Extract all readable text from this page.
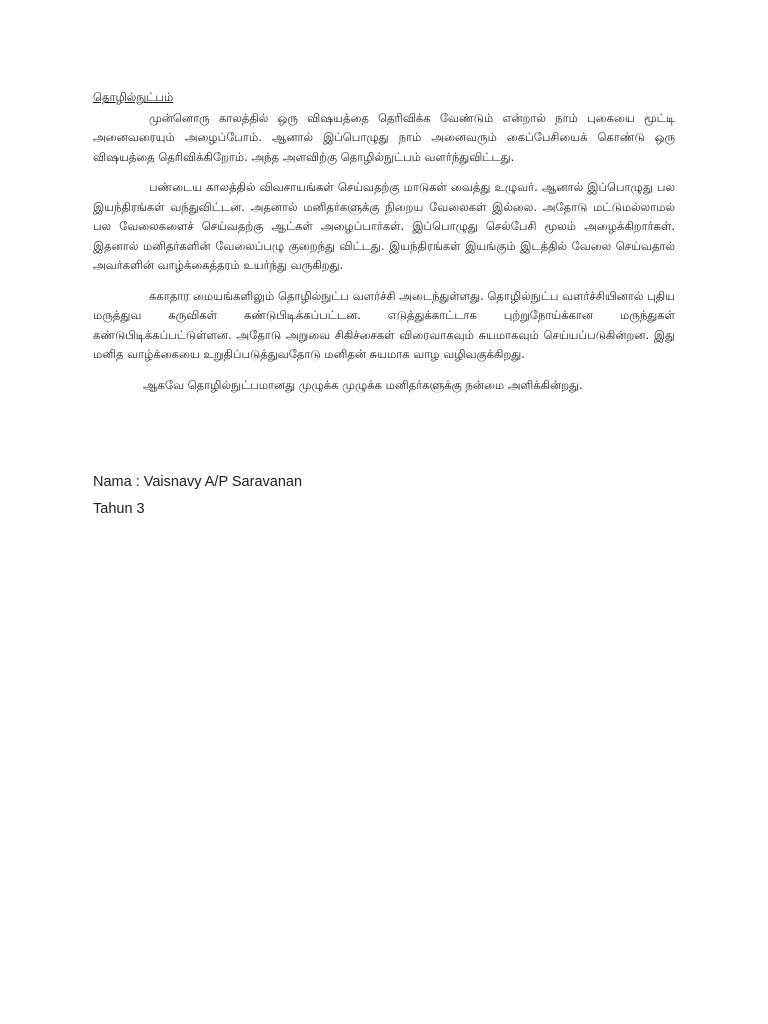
தொழில்நுட்பம்

முன்னொரு காலத்தில் ஒரு விஷயத்தை தெரிவிக்க வேண்டும் என்றால் நாம் புகையை மூட்டி அனைவரையும் அழைப்போம். ஆனால் இப்பொழுது நாம் அனைவரும் கைப்பேசியைக் கொண்டு ஒரு விஷயத்தை தெரிவிக்கிறோம். அந்த அளவிற்கு தொழில்நுட்பம் வளர்ந்துவிட்டது.

பண்டைய காலத்தில் விவசாயங்கள் செய்வதற்கு மாடுகள் வைத்து உழுவர். ஆனால் இப்பொழுது பல இயந்திரங்கள் வந்துவிட்டன. அதனால் மனிதர்களுக்கு நிறைய வேலைகள் இல்லை. அதோடு மட்டுமல்லாமல் பல வேலைகளைச் செய்வதற்கு ஆட்கள் அழைப்பார்கள். இப்பொழுது செல்பேசி மூலம் அழைக்கிறார்கள். இதனால் மனிதர்களின் வேலைப்பழு குறைந்து விட்டது. இயந்திரங்கள் இயங்கும் இடத்தில் வேலை செய்வதால் அவர்களின் வாழ்க்கைத்தரம் உயர்ந்து வருகிறது.

சுகாதார மையங்களிலும் தொழில்நுட்ப வளர்ச்சி அடைந்துள்ளது. தொழில்நுட்ப வளர்ச்சியினால் புதிய மருத்துவ கருவிகள் கண்டுபிடிக்கப்பட்டன. எடுத்துக்காட்டாக புற்றுநோய்க்கான மருந்துகள் கண்டுபிடிக்கப்பட்டுள்ளன. அதோடு அறுவை சிகிச்சைகள் விரைவாகவும் சுயமாகவும் செய்யப்படுகின்றன. இது மனித வாழ்க்கையை உறுதிப்படுத்துவதோடு மனிதன் சுயமாக வாழ வழிவகுக்கிறது.

ஆகவே தொழில்நுட்பமானது முழுக்க முழுக்க மனிதர்களுக்கு நன்மை அளிக்கின்றது.

Nama : Vaisnavy A/P Saravanan
Tahun 3
